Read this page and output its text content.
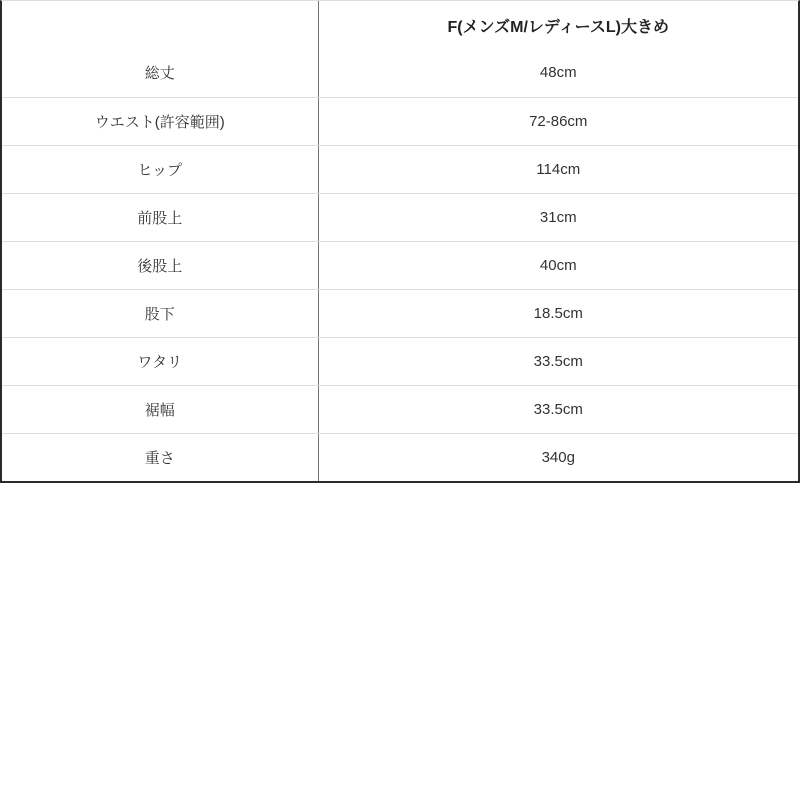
	F(メンズM/レディースL)大きめ
総丈	48cm
ウエスト(許容範囲)	72-86cm
ヒップ	114cm
前股上	31cm
後股上	40cm
股下	18.5cm
ワタリ	33.5cm
裾幅	33.5cm
重さ	340g
